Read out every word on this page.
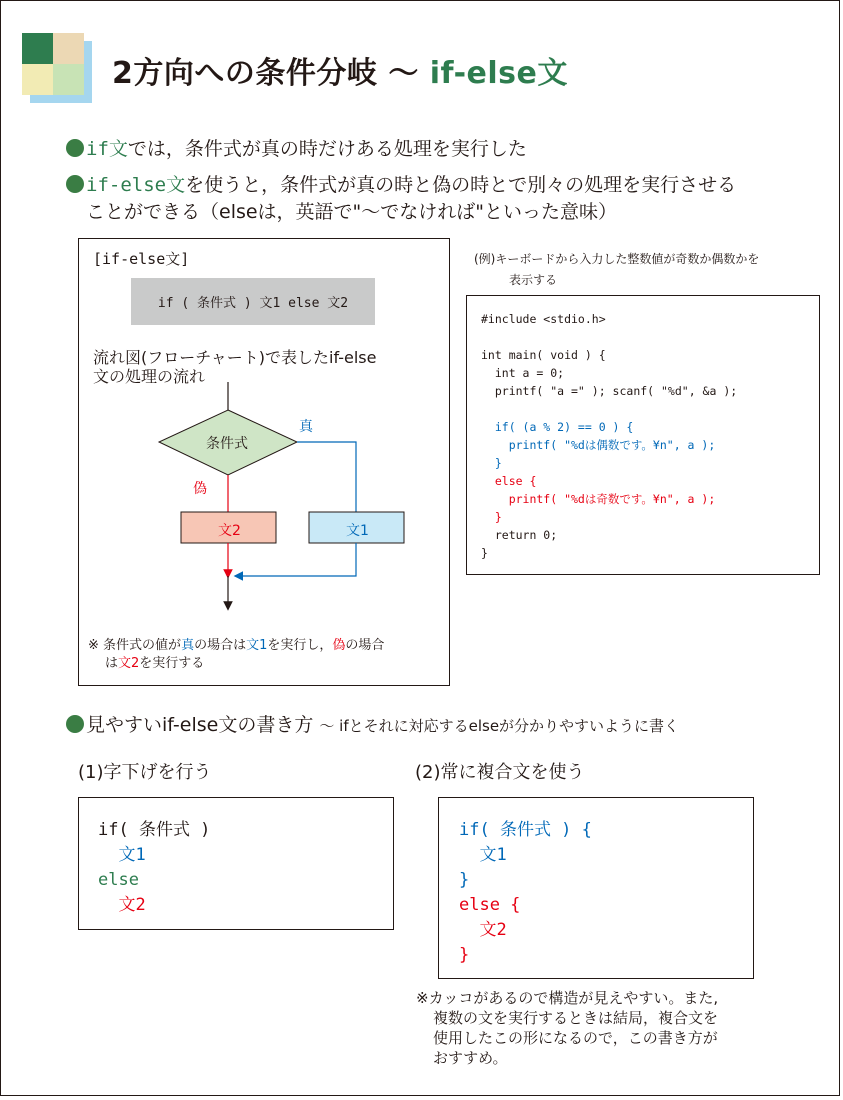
2方向への条件分岐 ～ if-else文
if文では，条件式が真の時だけある処理を実行した
if-else文を使うと，条件式が真の時と偽の時とで別々の処理を実行させる
ことができる（elseは，英語で"～でなければ"といった意味）
[if-else文]
if ( 条件式 ) 文1 else 文2
流れ図(フローチャート)で表したif-else
文の処理の流れ
条件式
真
偽
文2	文1
※ 条件式の値が真の場合は文1を実行し，偽の場合
は文2を実行する
(例)キーボードから入力した整数値が奇数か偶数かを
表示する
#include <stdio.h>

int main( void ) {
int a = 0;
printf( "a =" ); scanf( "%d", &a );

if( (a % 2) == 0 ) {
printf( "%dは偶数です。¥n", a );
}
else {
printf( "%dは奇数です。¥n", a );
}
return 0;
}
見やすいif-else文の書き方 ～ ifとそれに対応するelseが分かりやすいように書く
(1)字下げを行う
if( 条件式 )
文1
else
文2
(2)常に複合文を使う
if( 条件式 ) {
文1
}
else {
文2
}
※カッコがあるので構造が見えやすい。また,
複数の文を実行するときは結局，複合文を
使用したこの形になるので，この書き方が
おすすめ。
